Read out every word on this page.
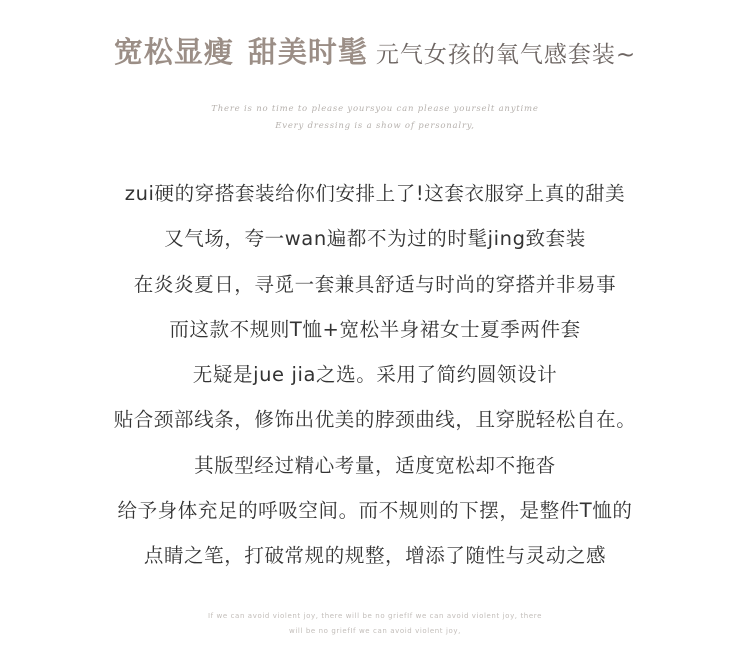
宽松显瘦 甜美时髦 元气女孩的氧气感套装~
There is no time to please yoursyou can please yourselt anytime
Every dressing is a show of personalry,
zui硬的穿搭套装给你们安排上了!这套衣服穿上真的甜美
又气场，夸一wan遍都不为过的时髦jing致套装
在炎炎夏日，寻觅一套兼具舒适与时尚的穿搭并非易事
而这款不规则T恤+宽松半身裙女士夏季两件套
无疑是jue jia之选。采用了简约圆领设计
贴合颈部线条，修饰出优美的脖颈曲线，且穿脱轻松自在。
其版型经过精心考量，适度宽松却不拖沓
给予身体充足的呼吸空间。而不规则的下摆，是整件T恤的
点睛之笔，打破常规的规整，增添了随性与灵动之感
If we can avoid violent joy, there will be no griefIf we can avoid violent joy, there
will be no griefIf we can avoid violent joy,
